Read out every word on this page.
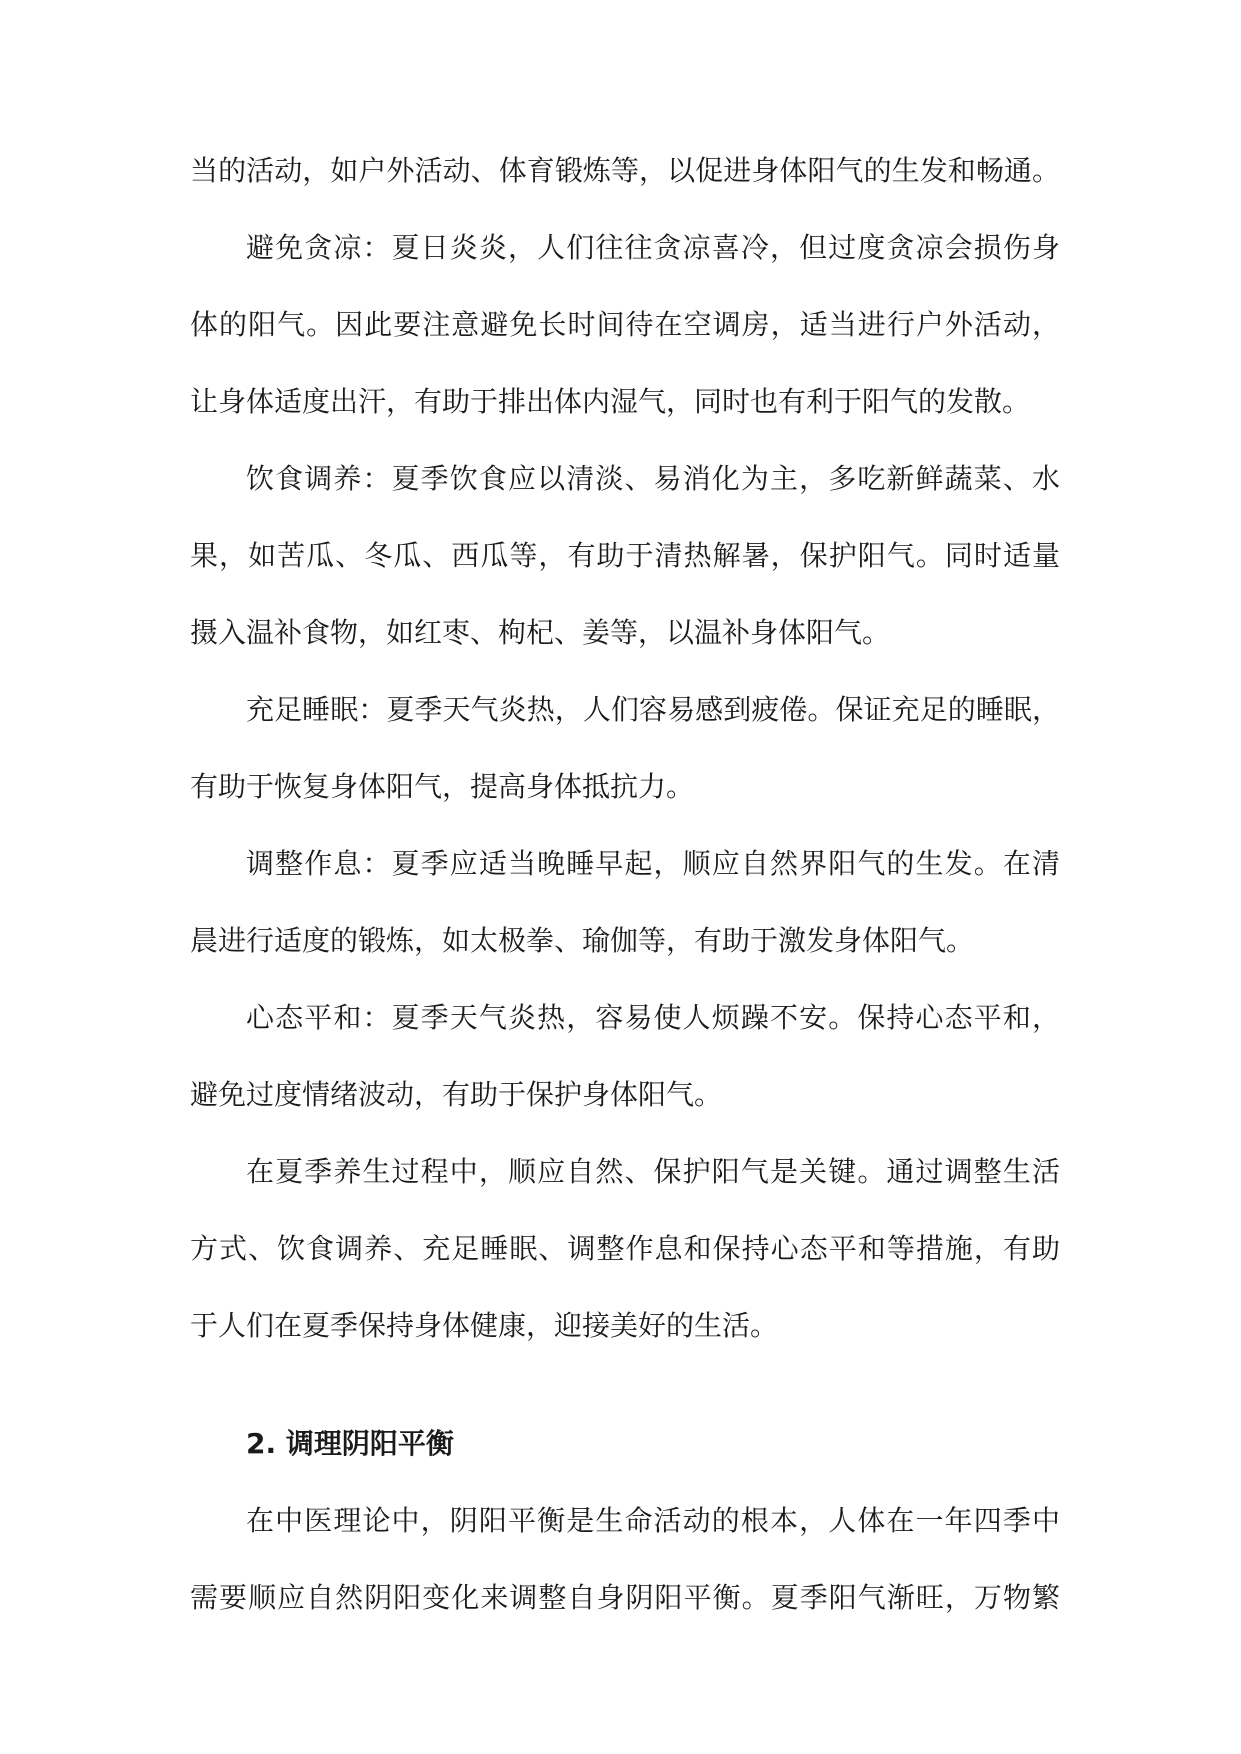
当的活动，如户外活动、体育锻炼等，以促进身体阳气的生发和畅通。
避免贪凉：夏日炎炎，人们往往贪凉喜冷，但过度贪凉会损伤身
体的阳气。因此要注意避免长时间待在空调房，适当进行户外活动，
让身体适度出汗，有助于排出体内湿气，同时也有利于阳气的发散。
饮食调养：夏季饮食应以清淡、易消化为主，多吃新鲜蔬菜、水
果，如苦瓜、冬瓜、西瓜等，有助于清热解暑，保护阳气。同时适量
摄入温补食物，如红枣、枸杞、姜等，以温补身体阳气。
充足睡眠：夏季天气炎热，人们容易感到疲倦。保证充足的睡眠，
有助于恢复身体阳气，提高身体抵抗力。
调整作息：夏季应适当晚睡早起，顺应自然界阳气的生发。在清
晨进行适度的锻炼，如太极拳、瑜伽等，有助于激发身体阳气。
心态平和：夏季天气炎热，容易使人烦躁不安。保持心态平和，
避免过度情绪波动，有助于保护身体阳气。
在夏季养生过程中，顺应自然、保护阳气是关键。通过调整生活
方式、饮食调养、充足睡眠、调整作息和保持心态平和等措施，有助
于人们在夏季保持身体健康，迎接美好的生活。
2. 调理阴阳平衡
在中医理论中，阴阳平衡是生命活动的根本，人体在一年四季中
需要顺应自然阴阳变化来调整自身阴阳平衡。夏季阳气渐旺，万物繁
